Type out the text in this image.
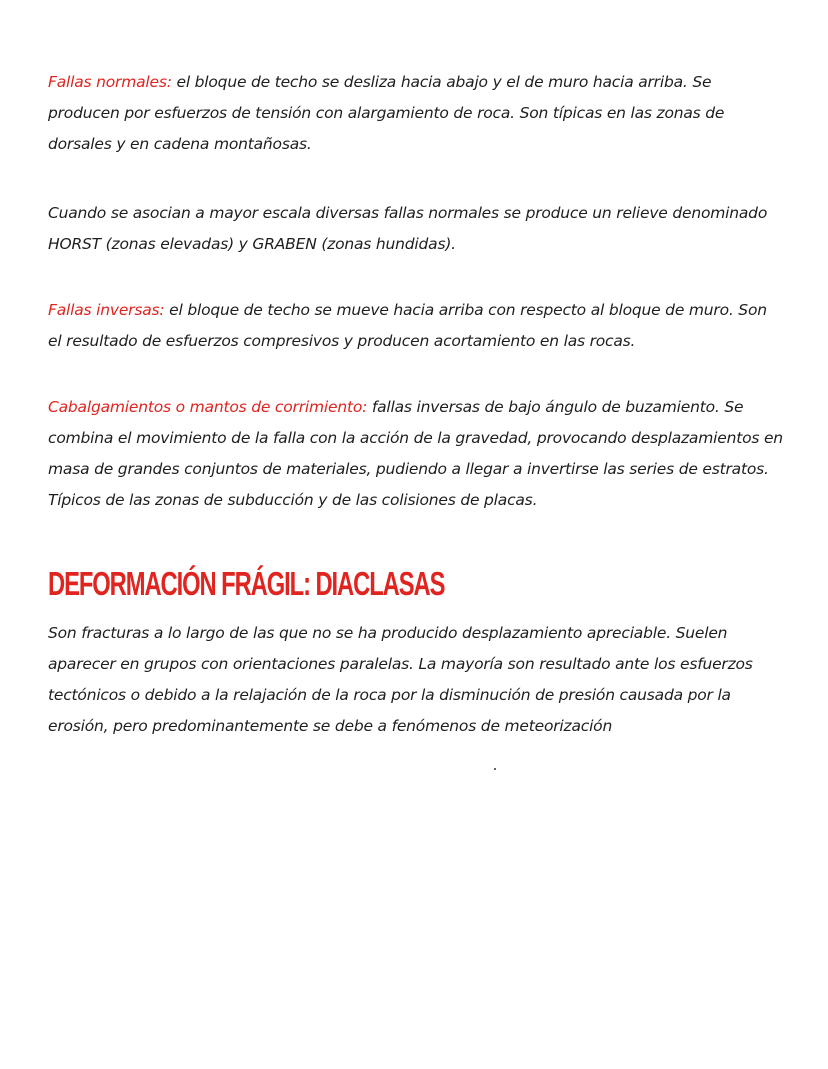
Fallas normales: el bloque de techo se desliza hacia abajo y el de muro hacia arriba. Se producen por esfuerzos de tensión con alargamiento de roca. Son típicas en las zonas de dorsales y en cadena montañosas.

Cuando se asocian a mayor escala diversas fallas normales se produce un relieve denominado HORST (zonas elevadas) y GRABEN (zonas hundidas).

Fallas inversas: el bloque de techo se mueve hacia arriba con respecto al bloque de muro. Son el resultado de esfuerzos compresivos y producen acortamiento en las rocas.

Cabalgamientos o mantos de corrimiento: fallas inversas de bajo ángulo de buzamiento. Se combina el movimiento de la falla con la acción de la gravedad, provocando desplazamientos en masa de grandes conjuntos de materiales, pudiendo a llegar a invertirse las series de estratos. Típicos de las zonas de subducción y de las colisiones de placas.

DEFORMACIÓN FRÁGIL: DIACLASAS

Son fracturas a lo largo de las que no se ha producido desplazamiento apreciable. Suelen aparecer en grupos con orientaciones paralelas. La mayoría son resultado ante los esfuerzos tectónicos o debido a la relajación de la roca por la disminución de presión causada por la erosión, pero predominantemente se debe a fenómenos de meteorización
